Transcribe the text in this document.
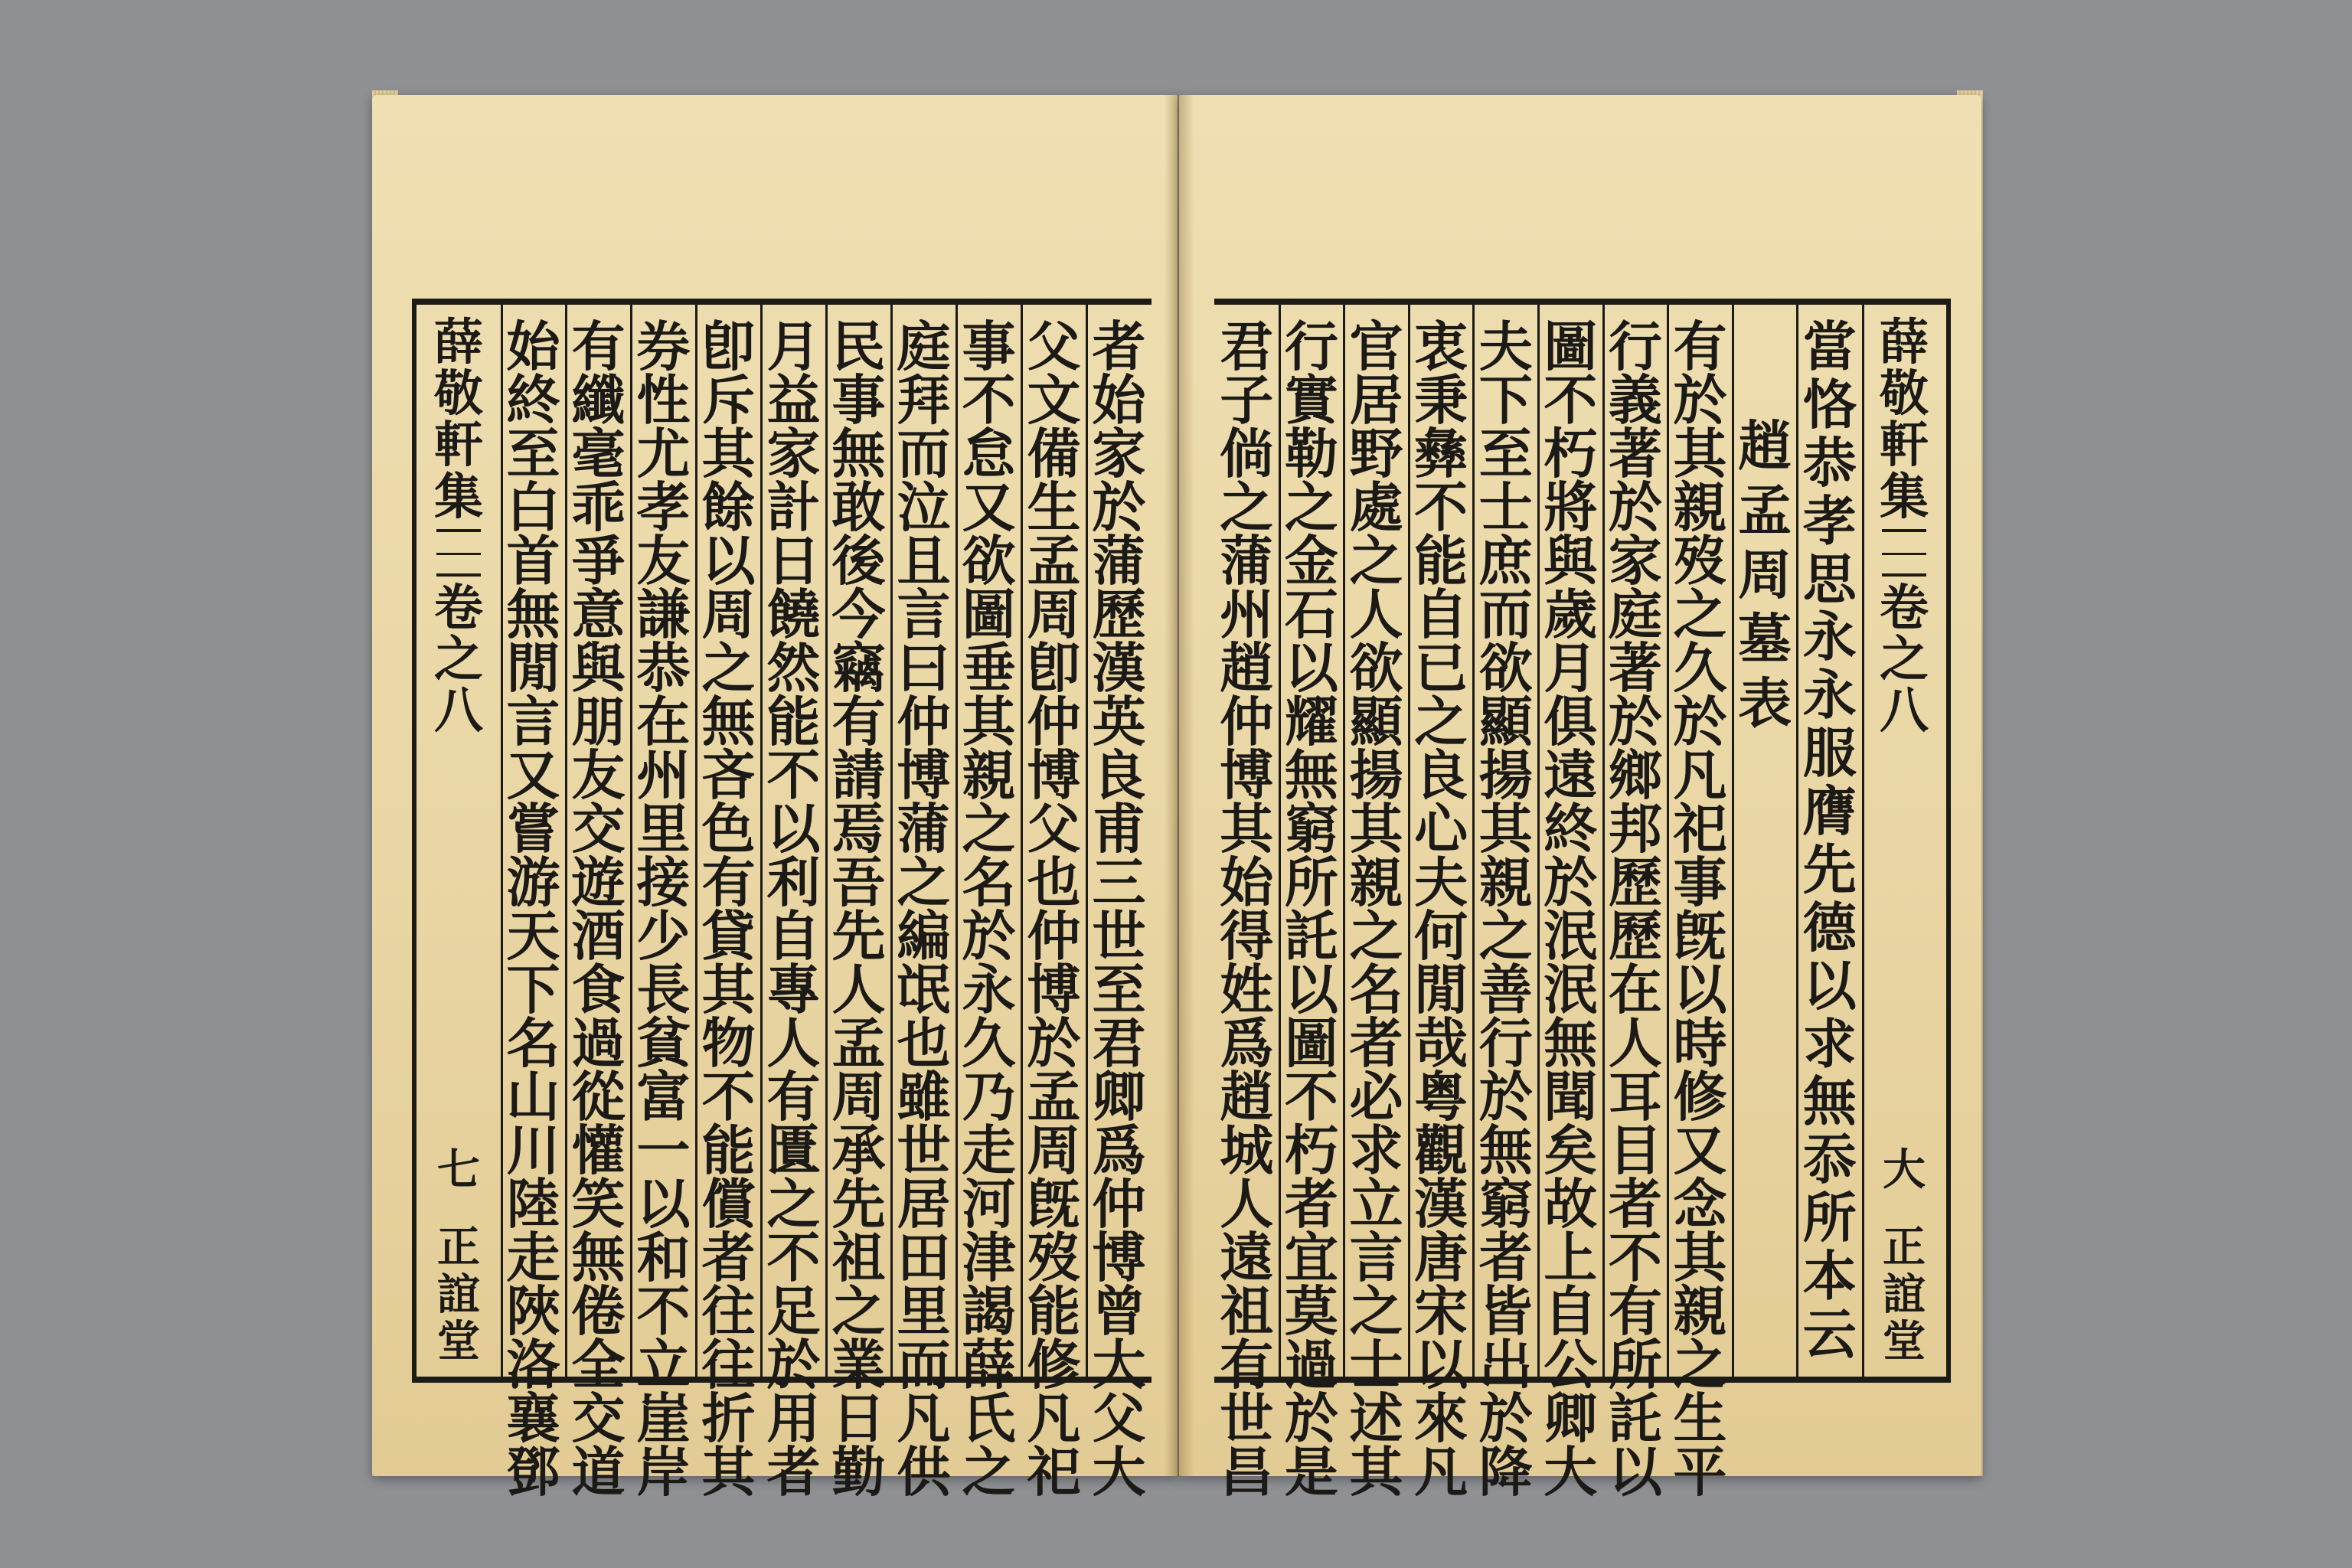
薛
敬
軒
集
卷
之
八
七
正
誼
堂
者
始
家
於
蒲
歷
漢
英
良
甫
三
世
至
君
卿
爲
仲
博
曾
大
父
大
父
文
備
生
孟
周
卽
仲
博
父
也
仲
博
於
孟
周
旣
歿
能
修
凡
祀
事
不
怠
又
欲
圖
垂
其
親
之
名
於
永
久
乃
走
河
津
謁
薛
氏
之
庭
拜
而
泣
且
言
曰
仲
博
蒲
之
編
氓
也
雖
世
居
田
里
而
凡
供
民
事
無
敢
後
今
竊
有
請
焉
吾
先
人
孟
周
承
先
祖
之
業
日
勤
月
益
家
計
日
饒
然
能
不
以
利
自
專
人
有
匱
之
不
足
於
用
者
卽
斥
其
餘
以
周
之
無
吝
色
有
貸
其
物
不
能
償
者
往
往
折
其
券
性
尤
孝
友
謙
恭
在
州
里
接
少
長
貧
富
一
以
和
不
立
崖
岸
有
纖
毫
乖
爭
意
與
朋
友
交
遊
酒
食
過
從
懽
笑
無
倦
全
交
道
始
終
至
白
首
無
閒
言
又
嘗
游
天
下
名
山
川
陸
走
陜
洛
襄
鄧
薛
敬
軒
集
卷
之
八
大
正
誼
堂
當
恪
恭
孝
思
永
永
服
膺
先
德
以
求
無
忝
所
本
云
趙
孟
周
墓
表
有
於
其
親
歿
之
久
於
凡
祀
事
旣
以
時
修
又
念
其
親
之
生
平
行
義
著
於
家
庭
著
於
鄉
邦
歷
歷
在
人
耳
目
者
不
有
所
託
以
圖
不
朽
將
與
歲
月
俱
遠
終
於
泯
泯
無
聞
矣
故
上
自
公
卿
大
夫
下
至
士
庶
而
欲
顯
揚
其
親
之
善
行
於
無
窮
者
皆
出
於
降
衷
秉
彝
不
能
自
已
之
良
心
夫
何
閒
哉
粤
觀
漢
唐
宋
以
來
凡
官
居
野
處
之
人
欲
顯
揚
其
親
之
名
者
必
求
立
言
之
士
述
其
行
實
勒
之
金
石
以
耀
無
窮
所
託
以
圖
不
朽
者
宜
莫
過
於
是
君
子
倘
之
蒲
州
趙
仲
博
其
始
得
姓
爲
趙
城
人
遠
祖
有
世
昌
